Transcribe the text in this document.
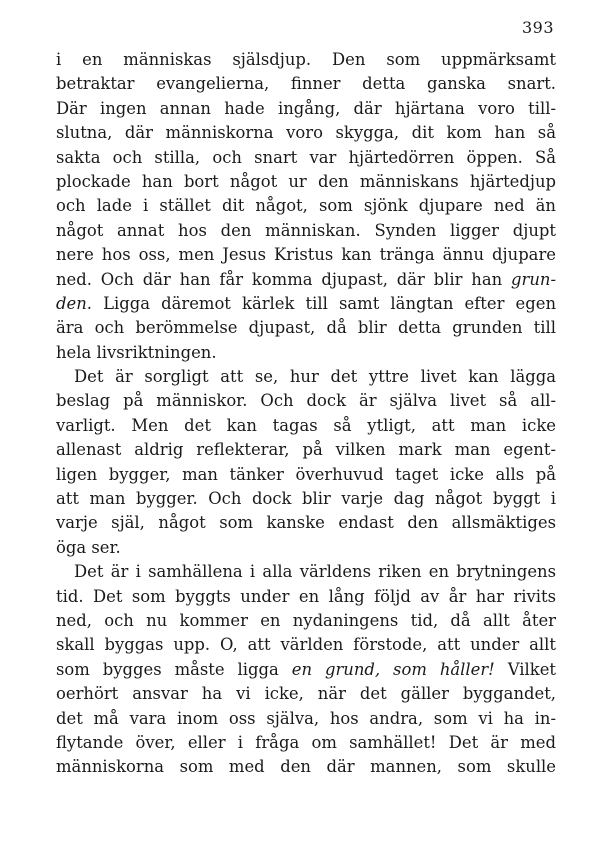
393
i en människas själsdjup. Den som uppmärksamt
betraktar evangelierna, finner detta ganska snart.
Där ingen annan hade ingång, där hjärtana voro till-
slutna, där människorna voro skygga, dit kom han så
sakta och stilla, och snart var hjärtedörren öppen. Så
plockade han bort något ur den människans hjärtedjup
och lade i stället dit något, som sjönk djupare ned än
något annat hos den människan. Synden ligger djupt
nere hos oss, men Jesus Kristus kan tränga ännu djupare
ned. Och där han får komma djupast, där blir han grun-
den. Ligga däremot kärlek till samt längtan efter egen
ära och berömmelse djupast, då blir detta grunden till
hela livsriktningen.
Det är sorgligt att se, hur det yttre livet kan lägga
beslag på människor. Och dock är själva livet så all-
varligt. Men det kan tagas så ytligt, att man icke
allenast aldrig reflekterar, på vilken mark man egent-
ligen bygger, man tänker överhuvud taget icke alls på
att man bygger. Och dock blir varje dag något byggt i
varje själ, något som kanske endast den allsmäktiges
öga ser.
Det är i samhällena i alla världens riken en brytningens
tid. Det som byggts under en lång följd av år har rivits
ned, och nu kommer en nydaningens tid, då allt åter
skall byggas upp. O, att världen förstode, att under allt
som bygges måste ligga en grund, som håller! Vilket
oerhört ansvar ha vi icke, när det gäller byggandet,
det må vara inom oss själva, hos andra, som vi ha in-
flytande över, eller i fråga om samhället! Det är med
människorna som med den där mannen, som skulle
